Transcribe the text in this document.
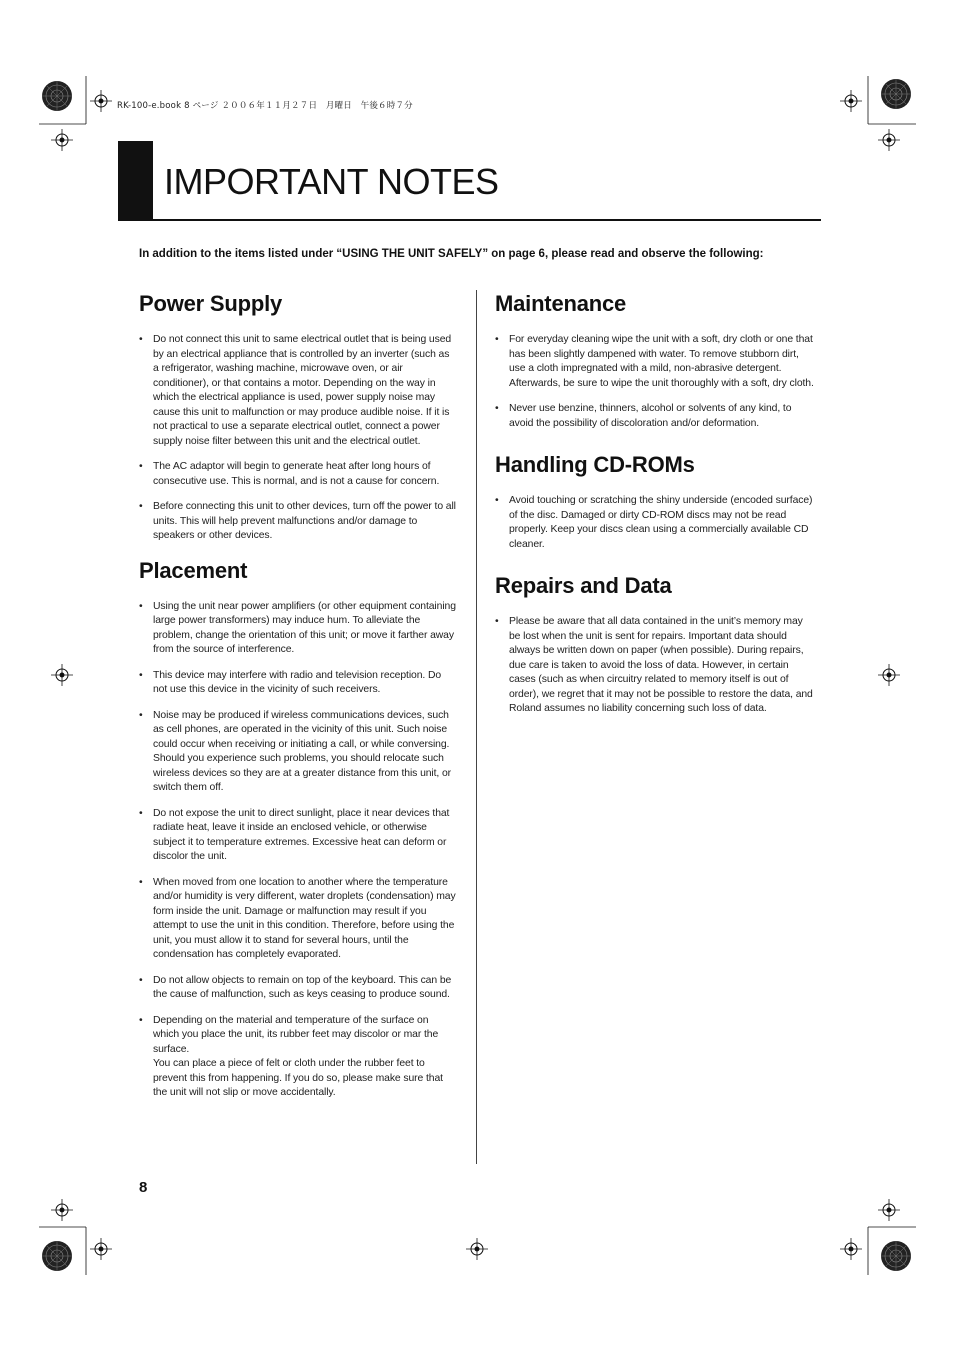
RK-100-e.book 8 ページ ２００６年１１月２７日　月曜日　午後６時７分
IMPORTANT NOTES
In addition to the items listed under “USING THE UNIT SAFELY” on page 6, please read and observe the following:
Power Supply
• Do not connect this unit to same electrical outlet that is being used by an electrical appliance that is controlled by an inverter (such as a refrigerator, washing machine, microwave oven, or air conditioner), or that contains a motor. Depending on the way in which the electrical appliance is used, power supply noise may cause this unit to malfunction or may produce audible noise. If it is not practical to use a separate electrical outlet, connect a power supply noise filter between this unit and the electrical outlet.
• The AC adaptor will begin to generate heat after long hours of consecutive use. This is normal, and is not a cause for concern.
• Before connecting this unit to other devices, turn off the power to all units. This will help prevent malfunctions and/or damage to speakers or other devices.
Placement
• Using the unit near power amplifiers (or other equipment containing large power transformers) may induce hum. To alleviate the problem, change the orientation of this unit; or move it farther away from the source of interference.
• This device may interfere with radio and television reception. Do not use this device in the vicinity of such receivers.
• Noise may be produced if wireless communications devices, such as cell phones, are operated in the vicinity of this unit. Such noise could occur when receiving or initiating a call, or while conversing. Should you experience such problems, you should relocate such wireless devices so they are at a greater distance from this unit, or switch them off.
• Do not expose the unit to direct sunlight, place it near devices that radiate heat, leave it inside an enclosed vehicle, or otherwise subject it to temperature extremes. Excessive heat can deform or discolor the unit.
• When moved from one location to another where the temperature and/or humidity is very different, water droplets (condensation) may form inside the unit. Damage or malfunction may result if you attempt to use the unit in this condition. Therefore, before using the unit, you must allow it to stand for several hours, until the condensation has completely evaporated.
• Do not allow objects to remain on top of the keyboard. This can be the cause of malfunction, such as keys ceasing to produce sound.
• Depending on the material and temperature of the surface on which you place the unit, its rubber feet may discolor or mar the surface.
You can place a piece of felt or cloth under the rubber feet to prevent this from happening. If you do so, please make sure that the unit will not slip or move accidentally.
Maintenance
• For everyday cleaning wipe the unit with a soft, dry cloth or one that has been slightly dampened with water. To remove stubborn dirt, use a cloth impregnated with a mild, non-abrasive detergent. Afterwards, be sure to wipe the unit thoroughly with a soft, dry cloth.
• Never use benzine, thinners, alcohol or solvents of any kind, to avoid the possibility of discoloration and/or deformation.
Handling CD-ROMs
• Avoid touching or scratching the shiny underside (encoded surface) of the disc. Damaged or dirty CD-ROM discs may not be read properly. Keep your discs clean using a commercially available CD cleaner.
Repairs and Data
• Please be aware that all data contained in the unit’s memory may be lost when the unit is sent for repairs. Important data should always be written down on paper (when possible). During repairs, due care is taken to avoid the loss of data. However, in certain cases (such as when circuitry related to memory itself is out of order), we regret that it may not be possible to restore the data, and Roland assumes no liability concerning such loss of data.
8
